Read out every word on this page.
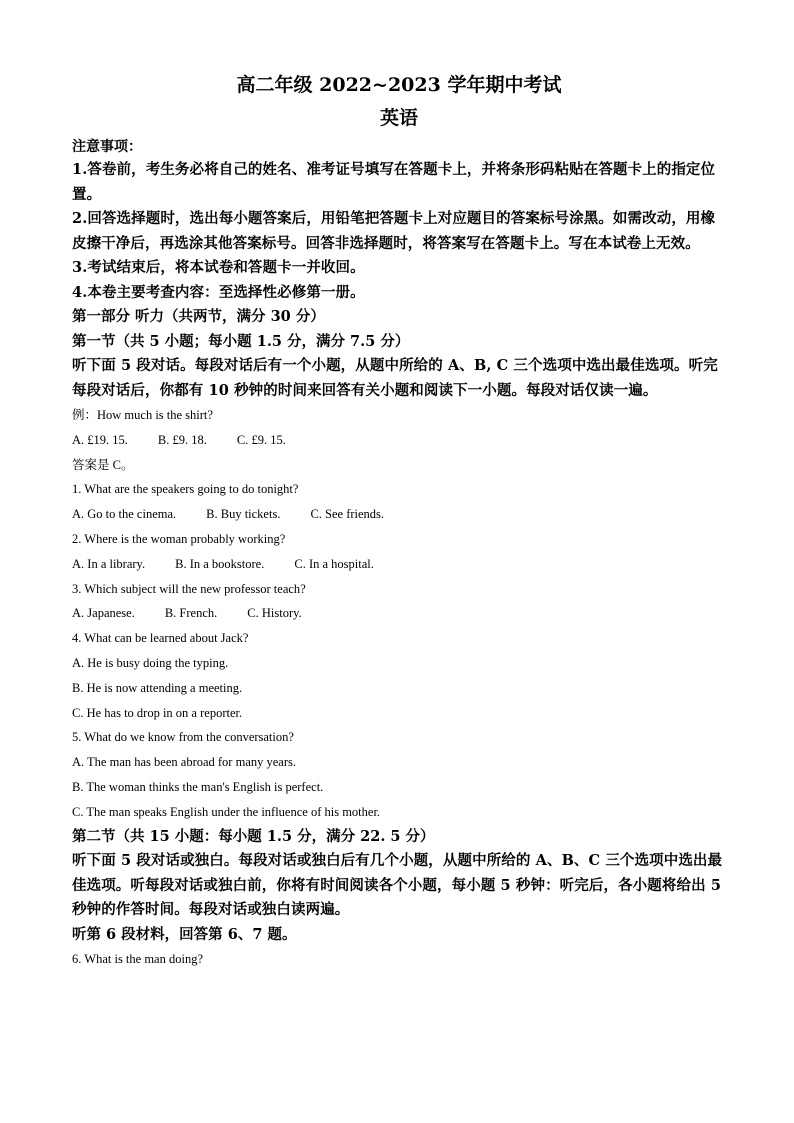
高二年级 2022~2023 学年期中考试
英语
注意事项：
1.答卷前，考生务必将自己的姓名、准考证号填写在答题卡上，并将条形码粘贴在答题卡上的指定位置。
2.回答选择题时，选出每小题答案后，用铅笔把答题卡上对应题目的答案标号涂黑。如需改动，用橡皮擦干净后，再选涂其他答案标号。回答非选择题时，将答案写在答题卡上。写在本试卷上无效。
3.考试结束后，将本试卷和答题卡一并收回。
4.本卷主要考查内容：至选择性必修第一册。
第一部分 听力（共两节，满分 30 分）
第一节（共 5 小题；每小题 1.5 分，满分 7.5 分）
听下面 5 段对话。每段对话后有一个小题，从题中所给的 A、B, C 三个选项中选出最佳选项。听完每段对话后，你都有 10 秒钟的时间来回答有关小题和阅读下一小题。每段对话仅读一遍。
例：How much is the shirt?
A. £19. 15. B. £9. 18. C. £9. 15.
答案是 C。
1. What are the speakers going to do tonight?
A. Go to the cinema. B. Buy tickets. C. See friends.
2. Where is the woman probably working?
A. In a library. B. In a bookstore. C. In a hospital.
3. Which subject will the new professor teach?
A. Japanese. B. French. C. History.
4. What can be learned about Jack?
A. He is busy doing the typing.
B. He is now attending a meeting.
C. He has to drop in on a reporter.
5. What do we know from the conversation?
A. The man has been abroad for many years.
B. The woman thinks the man's English is perfect.
C. The man speaks English under the influence of his mother.
第二节（共 15 小题：每小题 1.5 分，满分 22. 5 分）
听下面 5 段对话或独白。每段对话或独白后有几个小题，从题中所给的 A、B、C 三个选项中选出最佳选项。听每段对话或独白前，你将有时间阅读各个小题，每小题 5 秒钟：听完后，各小题将给出 5 秒钟的作答时间。每段对话或独白读两遍。
听第 6 段材料，回答第 6、7 题。
6. What is the man doing?
